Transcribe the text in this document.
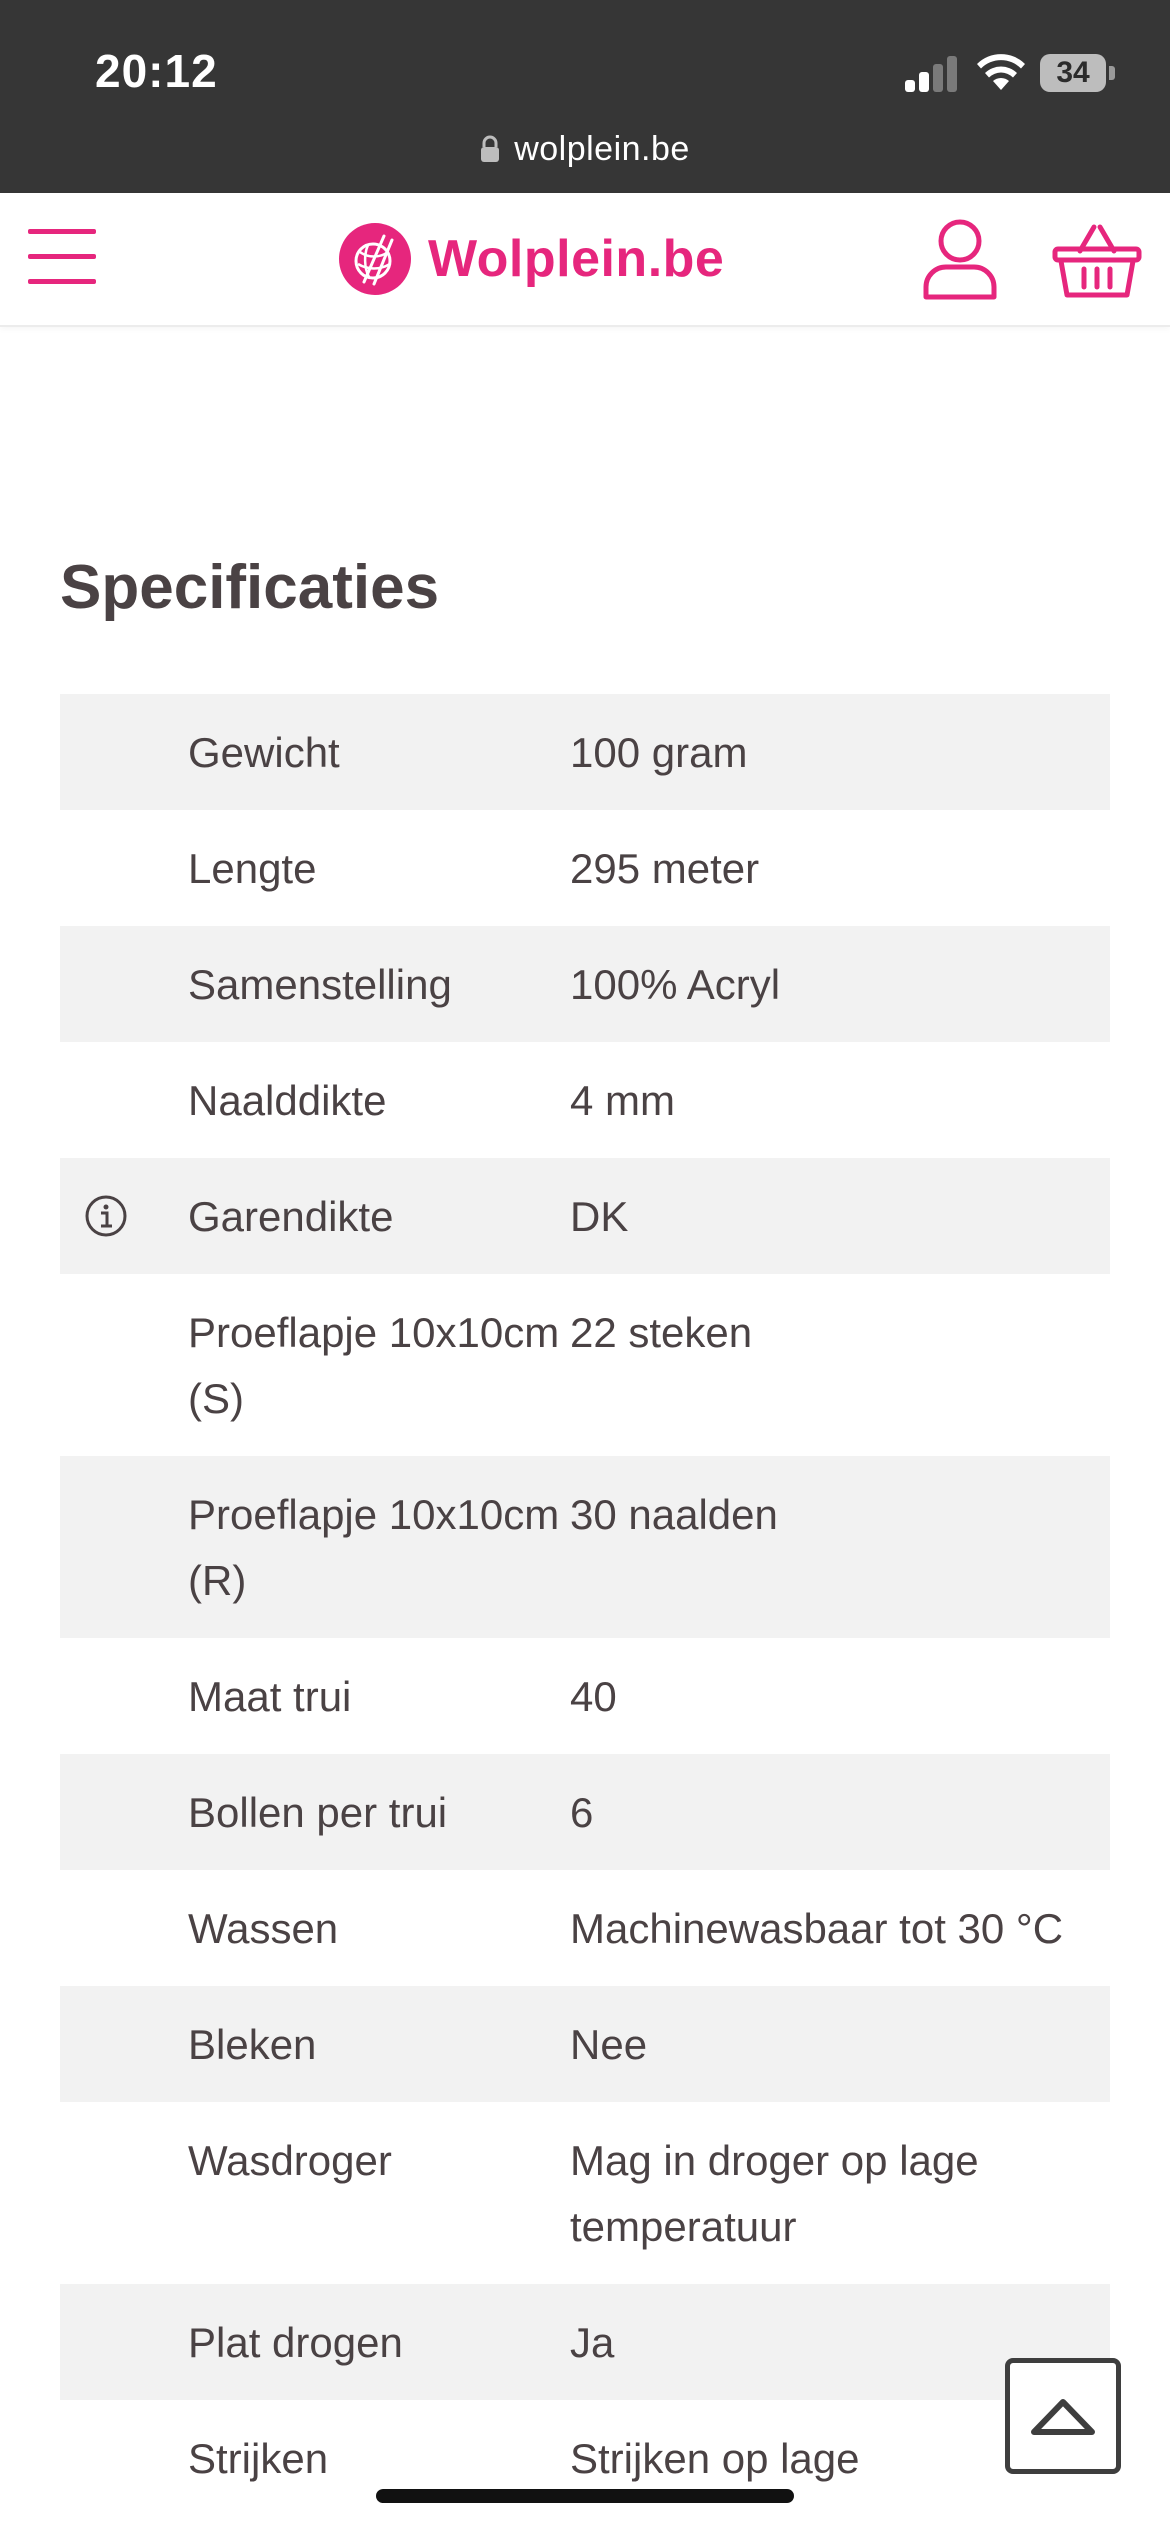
20:12	34
wolplein.be
Wolplein.be
Specificaties
	Gewicht	100 gram
	Lengte	295 meter
	Samenstelling	100% Acryl
	Naalddikte	4 mm

	Garendikte	DK
	Proeflapje 10x10cm (S)	22 steken
	Proeflapje 10x10cm (R)	30 naalden
	Maat trui	40
	Bollen per trui	6
	Wassen	Machinewasbaar tot 30 °C
	Bleken	Nee
	Wasdroger	Mag in droger op lage temperatuur
	Plat drogen	Ja
	Strijken	Strijken op lage
